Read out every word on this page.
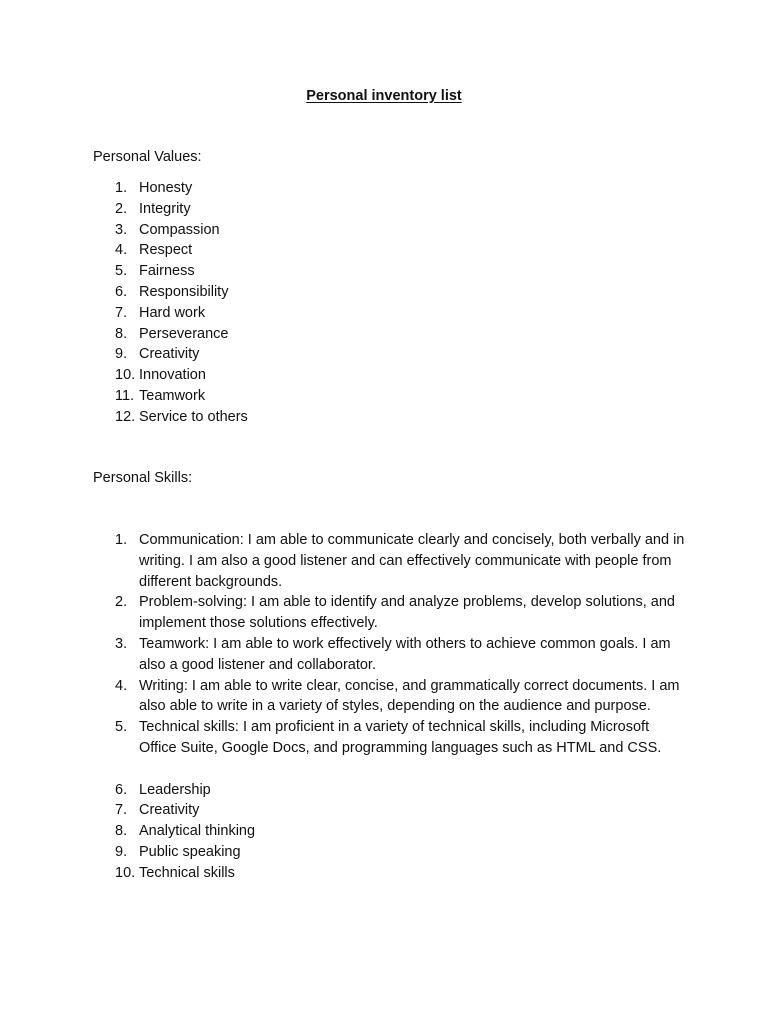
Personal inventory list
Personal Values:
1. Honesty
2. Integrity
3. Compassion
4. Respect
5. Fairness
6. Responsibility
7. Hard work
8. Perseverance
9. Creativity
10. Innovation
11. Teamwork
12. Service to others
Personal Skills:
1. Communication: I am able to communicate clearly and concisely, both verbally and in writing. I am also a good listener and can effectively communicate with people from different backgrounds.
2. Problem-solving: I am able to identify and analyze problems, develop solutions, and implement those solutions effectively.
3. Teamwork: I am able to work effectively with others to achieve common goals. I am also a good listener and collaborator.
4. Writing: I am able to write clear, concise, and grammatically correct documents. I am also able to write in a variety of styles, depending on the audience and purpose.
5. Technical skills: I am proficient in a variety of technical skills, including Microsoft Office Suite, Google Docs, and programming languages such as HTML and CSS.
6. Leadership
7. Creativity
8. Analytical thinking
9. Public speaking
10. Technical skills
